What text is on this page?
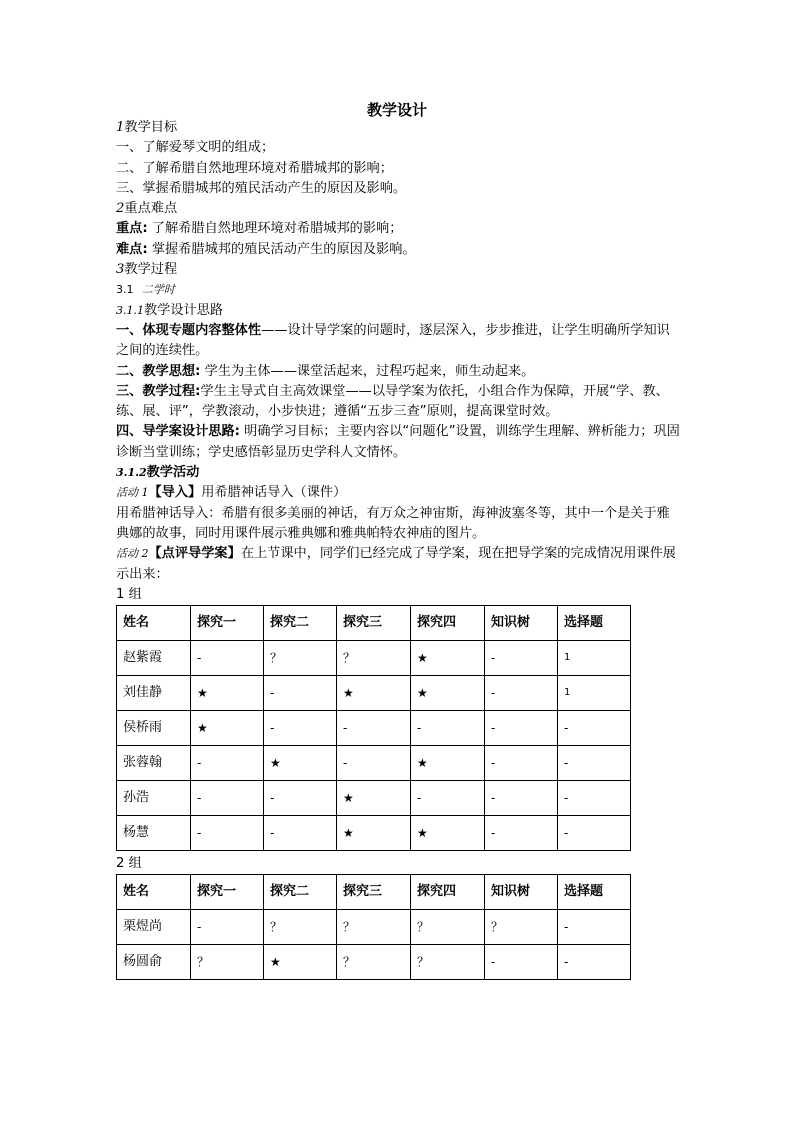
教学设计

1教学目标

一、了解爱琴文明的组成；

二、了解希腊自然地理环境对希腊城邦的影响；

三、掌握希腊城邦的殖民活动产生的原因及影响。

2重点难点

重点: 了解希腊自然地理环境对希腊城邦的影响；

难点: 掌握希腊城邦的殖民活动产生的原因及影响。

3教学过程

3.1 二学时

3.1.1教学设计思路

一、体现专题内容整体性——设计导学案的问题时，逐层深入，步步推进，让学生明确所学知识之间的连续性。

二、教学思想: 学生为主体——课堂活起来，过程巧起来，师生动起来。

三、教学过程:学生主导式自主高效课堂——以导学案为依托，小组合作为保障，开展“学、教、练、展、评”，学教滚动，小步快进；遵循“五步三查”原则，提高课堂时效。

四、导学案设计思路: 明确学习目标；主要内容以“问题化”设置，训练学生理解、辨析能力；巩固诊断当堂训练；学史感悟彰显历史学科人文情怀。

3.1.2教学活动

活动 1【导入】用希腊神话导入（课件）

用希腊神话导入：希腊有很多美丽的神话，有万众之神宙斯，海神波塞冬等，其中一个是关于雅典娜的故事，同时用课件展示雅典娜和雅典帕特农神庙的图片。

活动 2【点评导学案】在上节课中，同学们已经完成了导学案，现在把导学案的完成情况用课件展示出来：

1 组

姓名	探究一	探究二	探究三	探究四	知识树	选择题
赵紫霞	-	？	？	★	-	1
刘佳静	★	-	★	★	-	1
侯桥雨	★	-	-	-	-	-
张蓉翰	-	★	-	★	-	-
孙浩	-	-	★	-	-	-
杨慧	-	-	★	★	-	-

2 组

姓名	探究一	探究二	探究三	探究四	知识树	选择题
栗煜尚	-	？	？	？	？	-
杨圆俞	？	★	？	？	-	-
